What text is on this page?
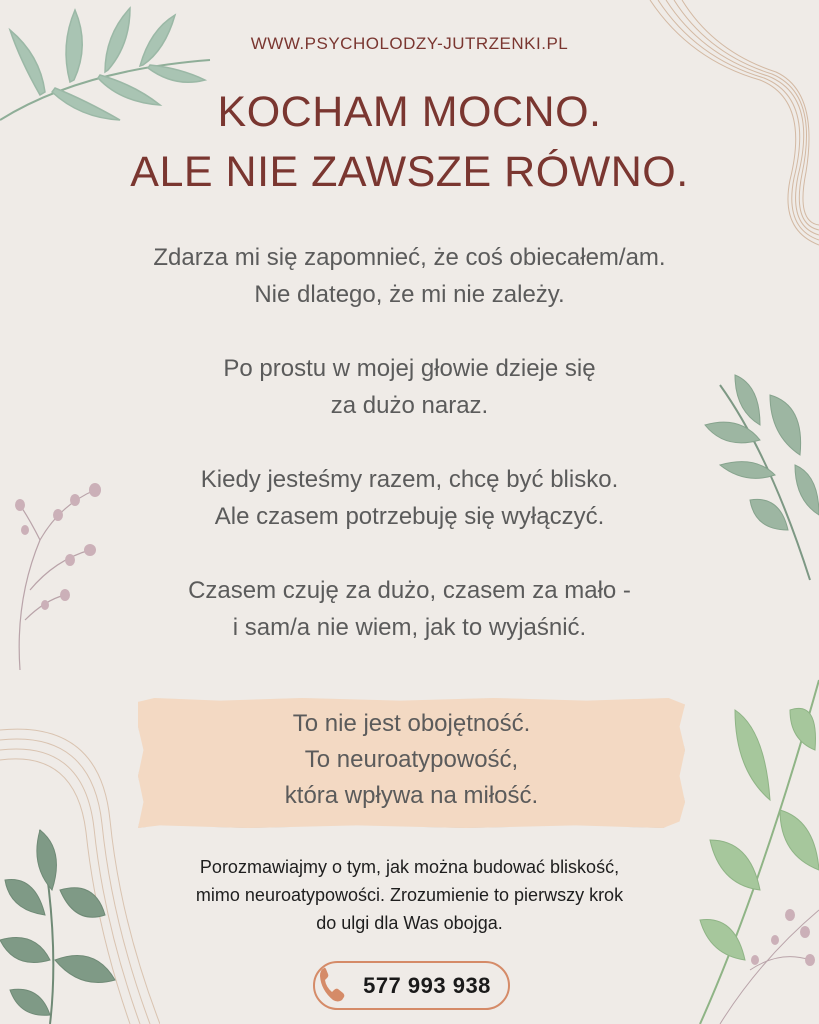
WWW.PSYCHOLODZY-JUTRZENKI.PL
KOCHAM MOCNO.
ALE NIE ZAWSZE RÓWNO.
Zdarza mi się zapomnieć, że coś obiecałem/am.
Nie dlatego, że mi nie zależy.
Po prostu w mojej głowie dzieje się
za dużo naraz.
Kiedy jesteśmy razem, chcę być blisko.
Ale czasem potrzebuję się wyłączyć.
Czasem czuję za dużo, czasem za mało -
i sam/a nie wiem, jak to wyjaśnić.
To nie jest obojętność.
To neuroatypowość,
która wpływa na miłość.
Porozmawiajmy o tym, jak można budować bliskość,
mimo neuroatypowości. Zrozumienie to pierwszy krok
do ulgi dla Was obojga.
577 993 938
